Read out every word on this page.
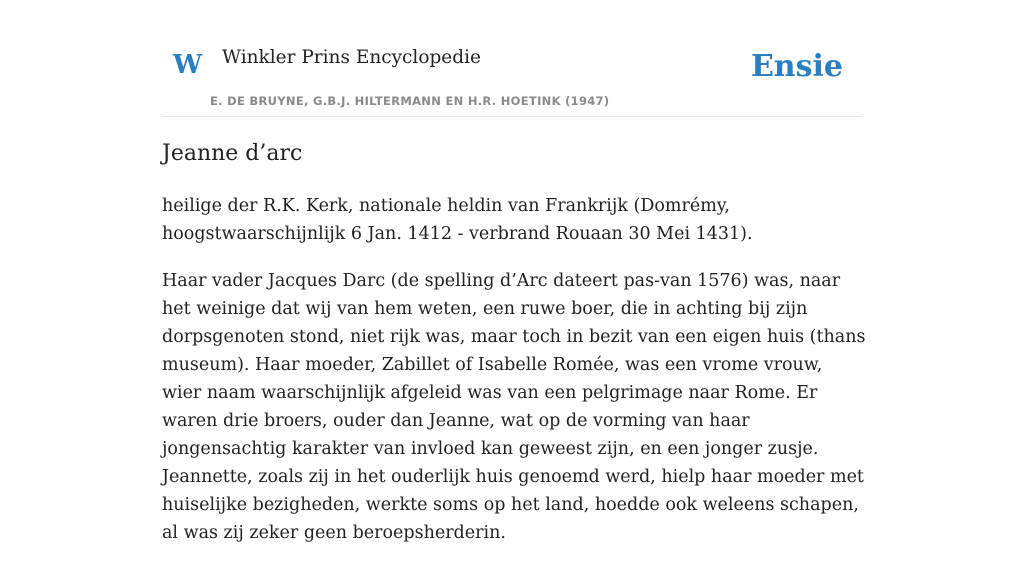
W Winkler Prins Encyclopedie
E. DE BRUYNE, G.B.J. HILTERMANN EN H.R. HOETINK (1947)
Ensie
Jeanne d’arc

heilige der R.K. Kerk, nationale heldin van Frankrijk (Domrémy, hoogstwaarschijnlijk 6 Jan. 1412 - verbrand Rouaan 30 Mei 1431).

Haar vader Jacques Darc (de spelling d’Arc dateert pas-van 1576) was, naar het weinige dat wij van hem weten, een ruwe boer, die in achting bij zijn dorpsgenoten stond, niet rijk was, maar toch in bezit van een eigen huis (thans museum). Haar moeder, Zabillet of Isabelle Romée, was een vrome vrouw, wier naam waarschijnlijk afgeleid was van een pelgrimage naar Rome. Er waren drie broers, ouder dan Jeanne, wat op de vorming van haar jongensachtig karakter van invloed kan geweest zijn, en een jonger zusje. Jeannette, zoals zij in het ouderlijk huis genoemd werd, hielp haar moeder met huiselijke bezigheden, werkte soms op het land, hoedde ook weleens schapen, al was zij zeker geen beroepsherderin.
